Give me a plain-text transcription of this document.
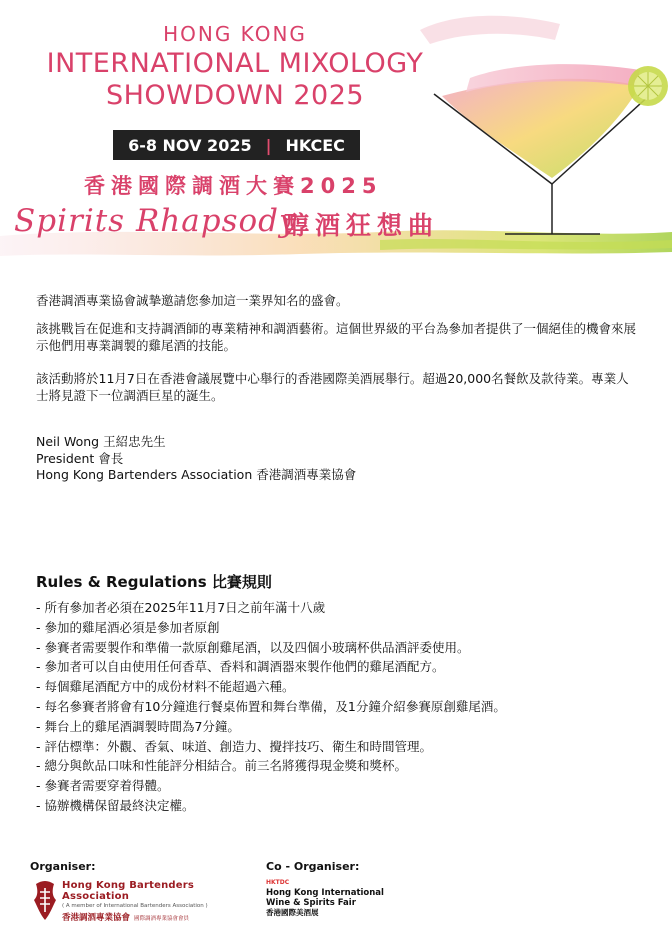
HONG KONG
INTERNATIONAL MIXOLOGY
SHOWDOWN 2025
6-8 NOV 2025 | HKCEC
香港國際調酒大賽2025
Spirits Rhapsody
醇酒狂想曲
香港調酒專業協會誠摯邀請您參加這一業界知名的盛會。
該挑戰旨在促進和支持調酒師的專業精神和調酒藝術。這個世界級的平台為參加者提供了一個絕佳的機會來展示他們用專業調製的雞尾酒的技能。
該活動將於11月7日在香港會議展覽中心舉行的香港國際美酒展舉行。超過20,000名餐飲及款待業。專業人士將見證下一位調酒巨星的誕生。
Neil Wong 王紹忠先生
President 會長
Hong Kong Bartenders Association 香港調酒專業協會
Rules & Regulations 比賽規則
- 所有參加者必須在2025年11月7日之前年滿十八歲
- 參加的雞尾酒必須是參加者原創
- 參賽者需要製作和準備一款原創雞尾酒，以及四個小玻璃杯供品酒評委使用。
- 參加者可以自由使用任何香草、香料和調酒器來製作他們的雞尾酒配方。
- 每個雞尾酒配方中的成份材料不能超過六種。
- 每名參賽者將會有10分鐘進行餐桌佈置和舞台準備，及1分鐘介紹參賽原創雞尾酒。
- 舞台上的雞尾酒調製時間為7分鐘。
- 評估標準：外觀、香氣、味道、創造力、攪拌技巧、衛生和時間管理。
- 總分與飲品口味和性能評分相結合。前三名將獲得現金獎和獎杯。
- 參賽者需要穿着得體。
- 協辦機構保留最終決定權。
Organiser:	Co - Organiser:
Hong Kong Bartenders Association
( A member of International Bartenders Association )
香港調酒專業協會 國際調酒專業協會會員
HKTDC
Hong Kong International
Wine & Spirits Fair
香港國際美酒展
